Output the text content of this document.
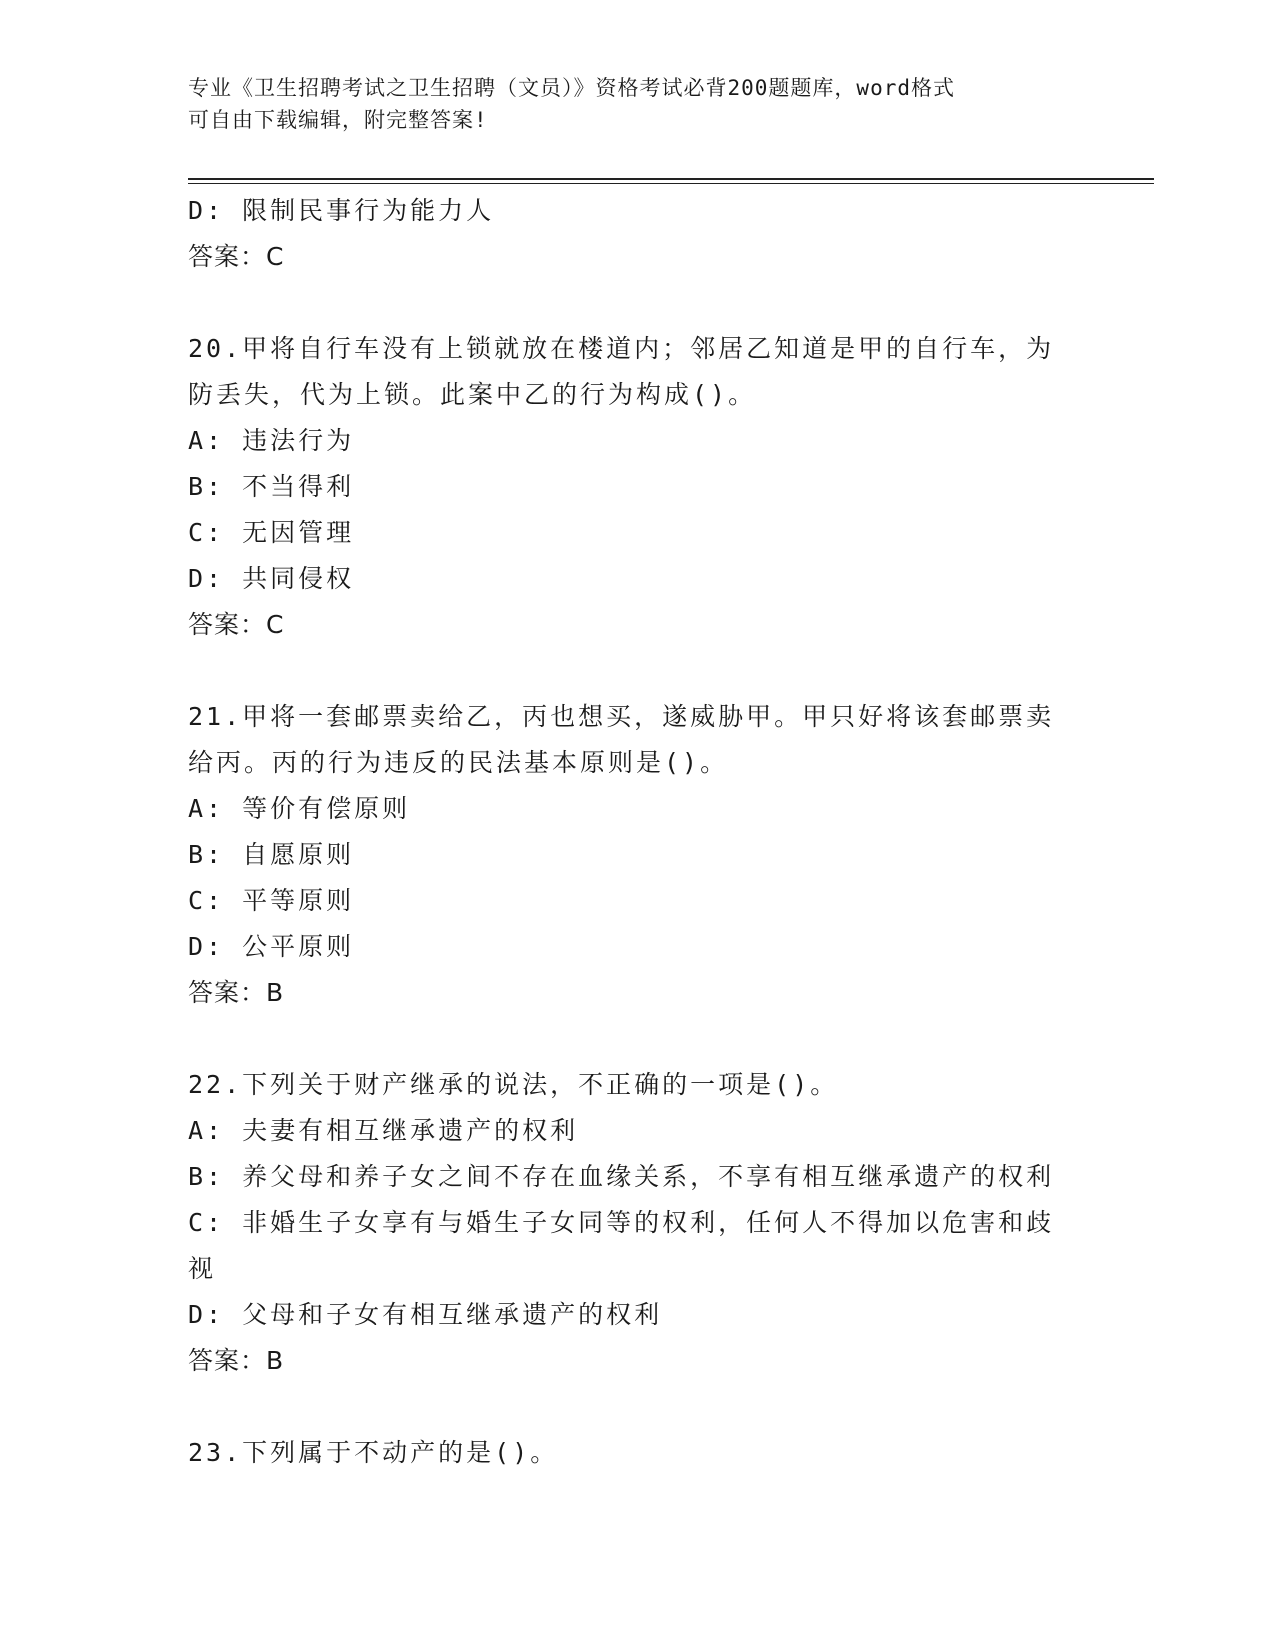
专业《卫生招聘考试之卫生招聘（文员）》资格考试必背200题题库，word格式
可自由下载编辑，附完整答案!
D: 限制民事行为能力人
答案：C
20.甲将自行车没有上锁就放在楼道内；邻居乙知道是甲的自行车，为
防丢失，代为上锁。此案中乙的行为构成()。
A: 违法行为
B: 不当得利
C: 无因管理
D: 共同侵权
答案：C
21.甲将一套邮票卖给乙，丙也想买，遂威胁甲。甲只好将该套邮票卖
给丙。丙的行为违反的民法基本原则是()。
A: 等价有偿原则
B: 自愿原则
C: 平等原则
D: 公平原则
答案：B
22.下列关于财产继承的说法，不正确的一项是()。
A: 夫妻有相互继承遗产的权利
B: 养父母和养子女之间不存在血缘关系，不享有相互继承遗产的权利
C: 非婚生子女享有与婚生子女同等的权利，任何人不得加以危害和歧
视
D: 父母和子女有相互继承遗产的权利
答案：B
23.下列属于不动产的是()。
